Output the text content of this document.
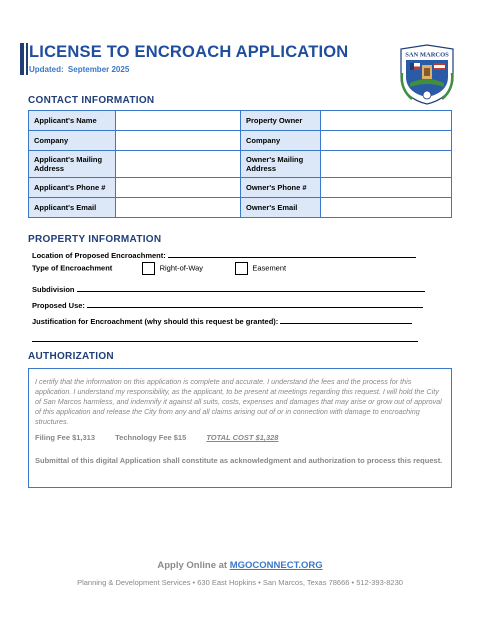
LICENSE TO ENCROACH APPLICATION
Updated: September 2025
SAN MARCOS
CONTACT INFORMATION
Applicant's Name		Property Owner	
Company		Company	
Applicant's Mailing Address		Owner's Mailing Address	
Applicant's Phone #		Owner's Phone #	
Applicant's Email		Owner's Email	
PROPERTY INFORMATION
Location of Proposed Encroachment:
Type of Encroachment	Right-of-Way	Easement
Subdivision
Proposed Use:
Justification for Encroachment (why should this request be granted):
AUTHORIZATION
I certify that the information on this application is complete and accurate. I understand the fees and the process for this application. I understand my responsibility, as the applicant, to be present at meetings regarding this request. I will hold the City of San Marcos harmless, and indemnify it against all suits, costs, expenses and damages that may arise or grow out of approval of this application and release the City from any and all claims arising out of or in connection with damage to encroaching structures.
Filing Fee $1,313	Technology Fee $15	TOTAL COST $1,328
Submittal of this digital Application shall constitute as acknowledgment and authorization to process this request.
Apply Online at MGOCONNECT.ORG
Planning & Development Services • 630 East Hopkins • San Marcos, Texas 78666 • 512-393-8230
